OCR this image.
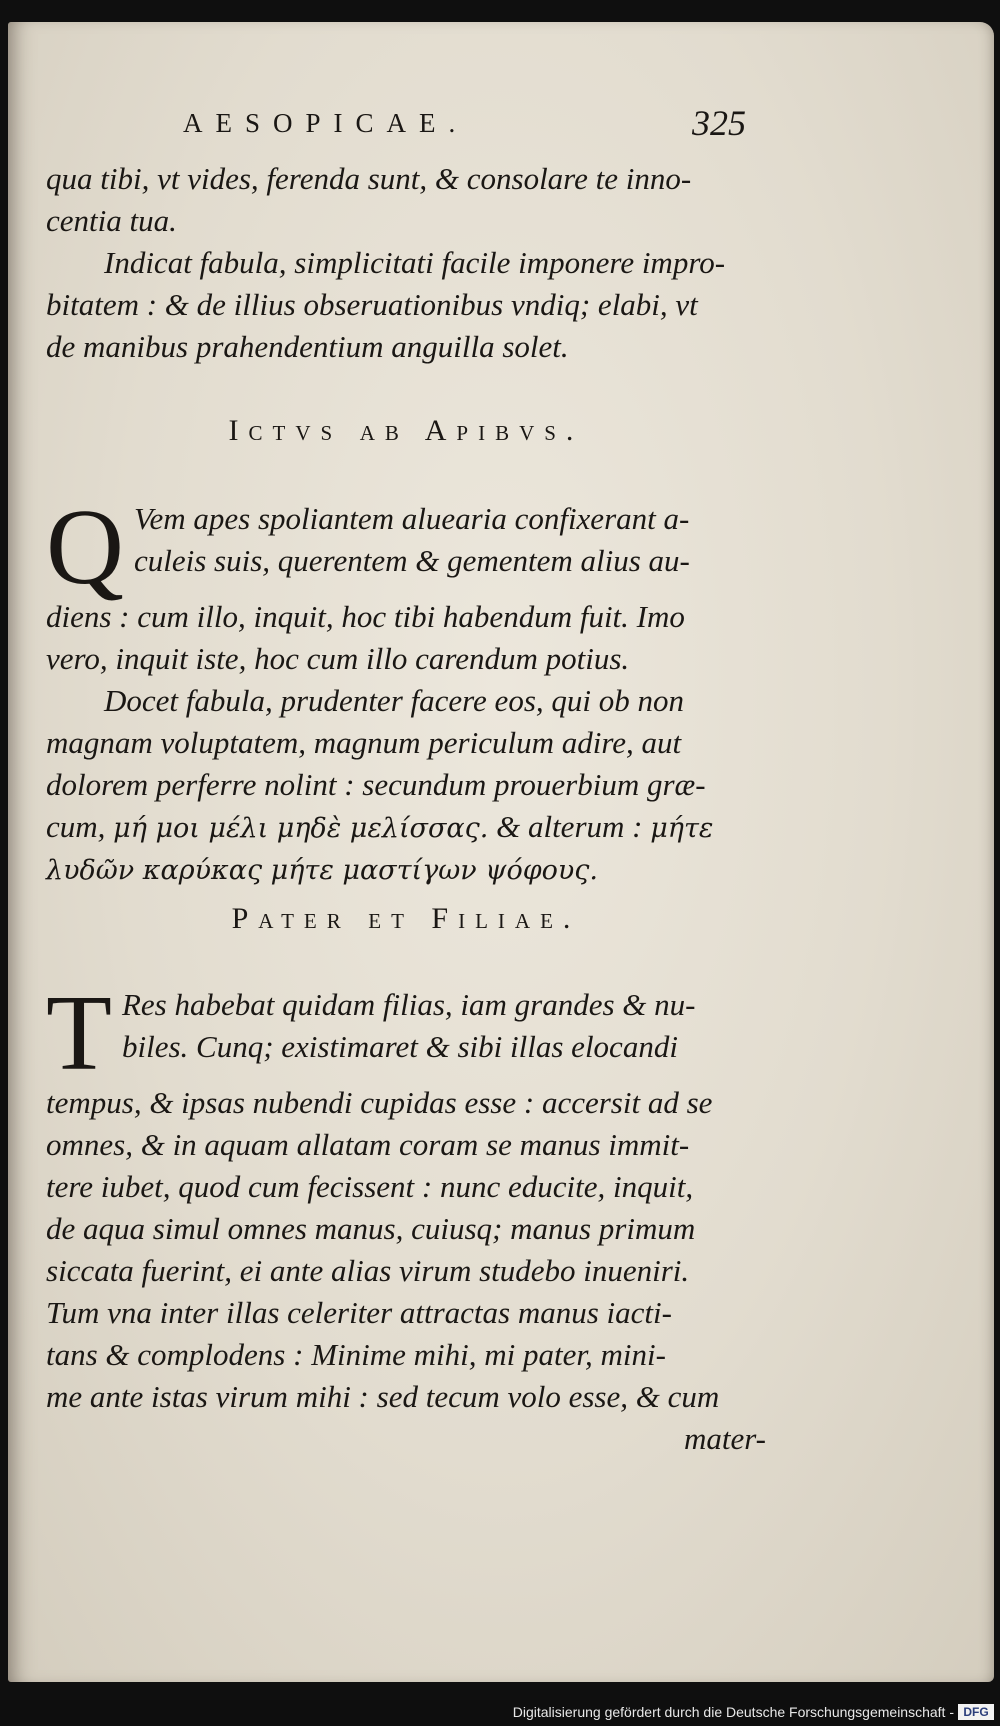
AESOPICAE.	325
qua tibi, vt vides, ferenda sunt, & consolare te inno-
centia tua.
Indicat fabula, simplicitati facile imponere impro-
bitatem : & de illius obseruationibus vndiq; elabi, vt
de manibus prahendentium anguilla solet.
Ictvs ab Apibvs.
Q Vem apes spoliantem aluearia confixerant a-
culeis suis, querentem & gementem alius au-
diens : cum illo, inquit, hoc tibi habendum fuit. Imo
vero, inquit iste, hoc cum illo carendum potius.
Docet fabula, prudenter facere eos, qui ob non
magnam voluptatem, magnum periculum adire, aut
dolorem perferre nolint : secundum prouerbium græ-
cum, μή μοι μέλι μηδὲ μελίσσας. & alterum : μήτε
λυδῶν καρύκας μήτε μαστίγων ψόφους.
Pater et Filiae.
T Res habebat quidam filias, iam grandes & nu-
biles. Cunq; existimaret & sibi illas elocandi
tempus, & ipsas nubendi cupidas esse : accersit ad se
omnes, & in aquam allatam coram se manus immit-
tere iubet, quod cum fecissent : nunc educite, inquit,
de aqua simul omnes manus, cuiusq; manus primum
siccata fuerint, ei ante alias virum studebo inueniri.
Tum vna inter illas celeriter attractas manus iacti-
tans & complodens : Minime mihi, mi pater, mini-
me ante istas virum mihi : sed tecum volo esse, & cum
mater-
Digitalisierung gefördert durch die Deutsche Forschungsgemeinschaft - DFG
